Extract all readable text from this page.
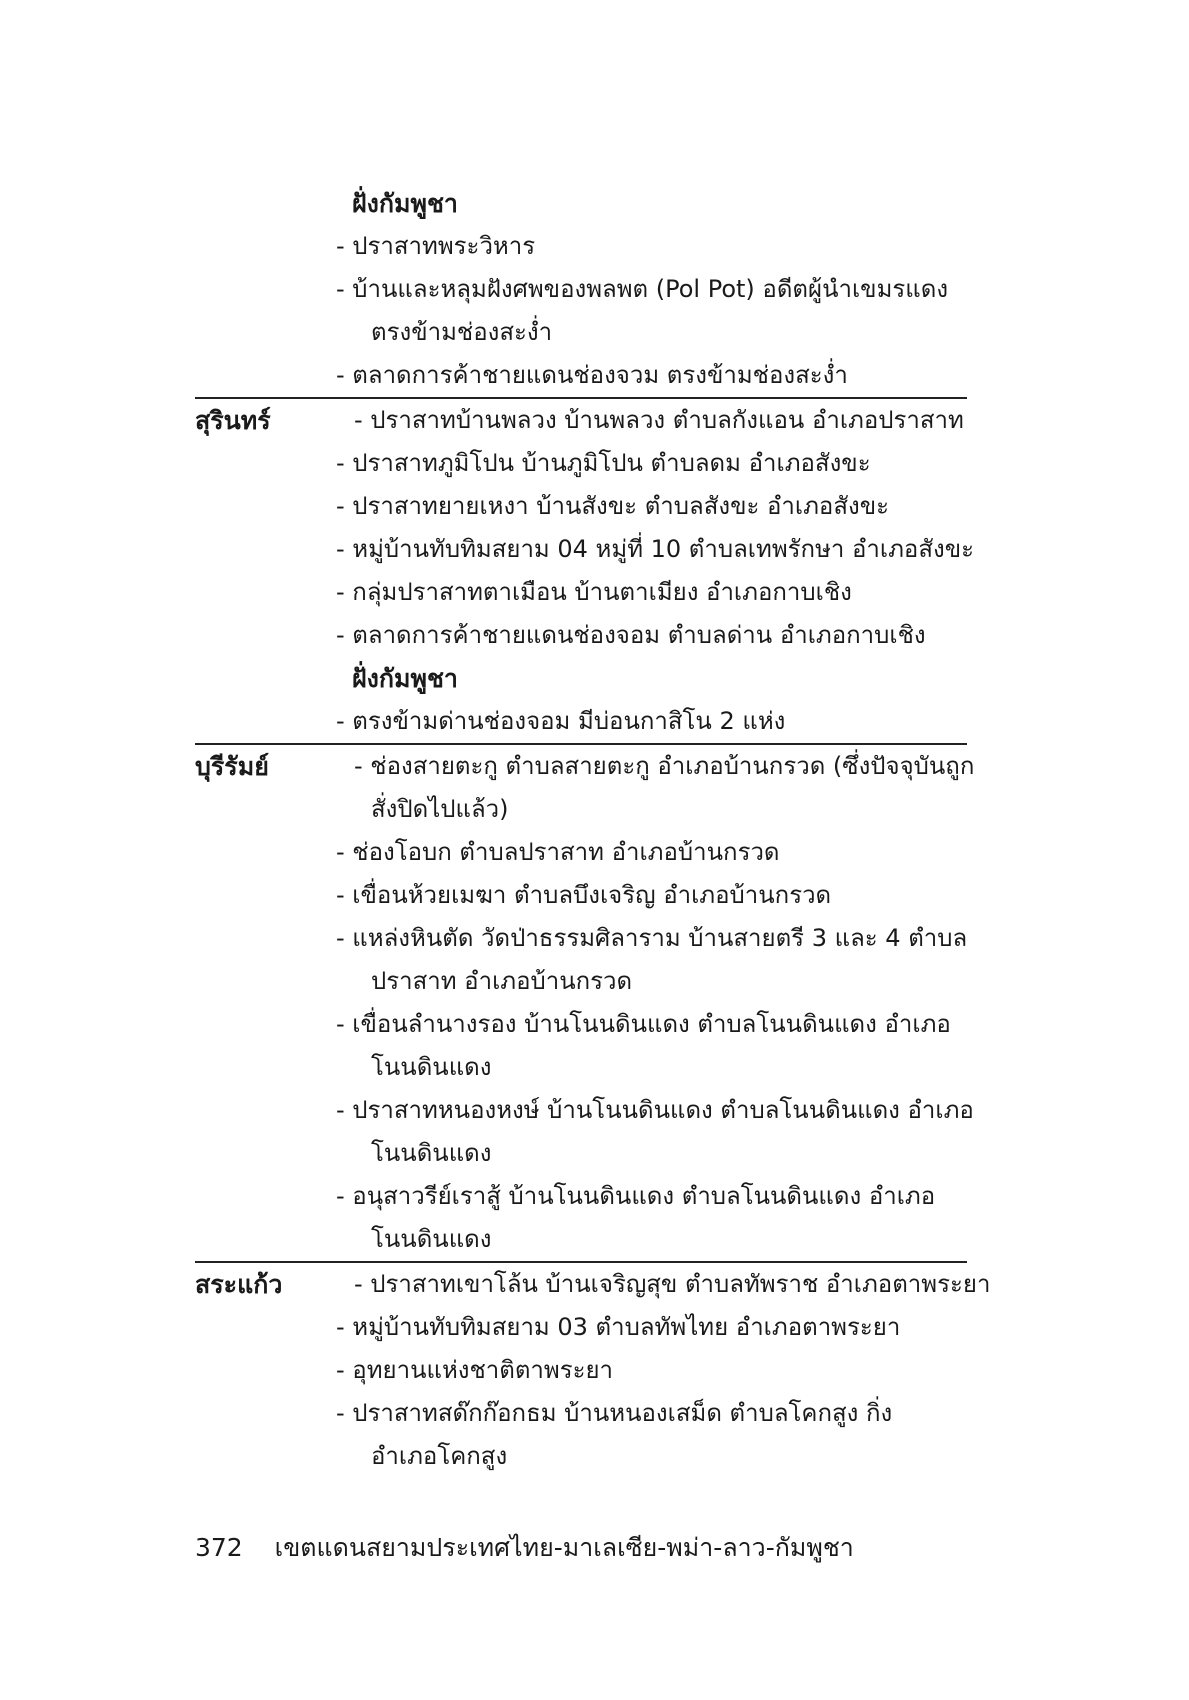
ฝั่งกัมพูชา
- ปราสาทพระวิหาร
- บ้านและหลุมฝังศพของพลพต (Pol Pot) อดีตผู้นำเขมรแดง
ตรงข้ามช่องสะง่ำ
- ตลาดการค้าชายแดนช่องจวม ตรงข้ามช่องสะง่ำ
สุรินทร์	- ปราสาทบ้านพลวง บ้านพลวง ตำบลกังแอน อำเภอปราสาท
- ปราสาทภูมิโปน บ้านภูมิโปน ตำบลดม อำเภอสังขะ
- ปราสาทยายเหงา บ้านสังขะ ตำบลสังขะ อำเภอสังขะ
- หมู่บ้านทับทิมสยาม 04 หมู่ที่ 10 ตำบลเทพรักษา อำเภอสังขะ
- กลุ่มปราสาทตาเมือน บ้านตาเมียง อำเภอกาบเชิง
- ตลาดการค้าชายแดนช่องจอม ตำบลด่าน อำเภอกาบเชิง
ฝั่งกัมพูชา
- ตรงข้ามด่านช่องจอม มีบ่อนกาสิโน 2 แห่ง
บุรีรัมย์	- ช่องสายตะกู ตำบลสายตะกู อำเภอบ้านกรวด (ซึ่งปัจจุบันถูก
สั่งปิดไปแล้ว)
- ช่องโอบก ตำบลปราสาท อำเภอบ้านกรวด
- เขื่อนห้วยเมฆา ตำบลบึงเจริญ อำเภอบ้านกรวด
- แหล่งหินตัด วัดป่าธรรมศิลาราม บ้านสายตรี 3 และ 4 ตำบล
ปราสาท อำเภอบ้านกรวด
- เขื่อนลำนางรอง บ้านโนนดินแดง ตำบลโนนดินแดง อำเภอ
โนนดินแดง
- ปราสาทหนองหงษ์ บ้านโนนดินแดง ตำบลโนนดินแดง อำเภอ
โนนดินแดง
- อนุสาวรีย์เราสู้ บ้านโนนดินแดง ตำบลโนนดินแดง อำเภอ
โนนดินแดง
สระแก้ว	- ปราสาทเขาโล้น บ้านเจริญสุข ตำบลทัพราช อำเภอตาพระยา
- หมู่บ้านทับทิมสยาม 03 ตำบลทัพไทย อำเภอตาพระยา
- อุทยานแห่งชาติตาพระยา
- ปราสาทสด๊กก๊อกธม บ้านหนองเสม็ด ตำบลโคกสูง กิ่ง
อำเภอโคกสูง
372 เขตแดนสยามประเทศไทย-มาเลเซีย-พม่า-ลาว-กัมพูชา
